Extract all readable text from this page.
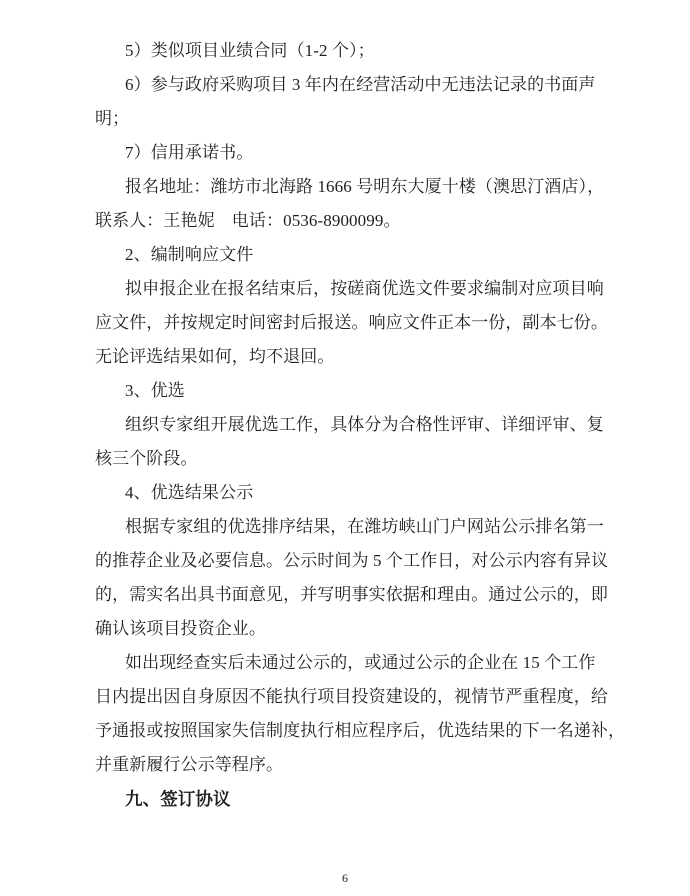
5）类似项目业绩合同（1-2 个）；
6）参与政府采购项目 3 年内在经营活动中无违法记录的书面声
明；
7）信用承诺书。
报名地址：潍坊市北海路 1666 号明东大厦十楼（澳思汀酒店），
联系人：王艳妮　电话：0536-8900099。
2、编制响应文件
拟申报企业在报名结束后，按磋商优选文件要求编制对应项目响
应文件，并按规定时间密封后报送。响应文件正本一份，副本七份。
无论评选结果如何，均不退回。
3、优选
组织专家组开展优选工作，具体分为合格性评审、详细评审、复
核三个阶段。
4、优选结果公示
根据专家组的优选排序结果，在潍坊峡山门户网站公示排名第一
的推荐企业及必要信息。公示时间为 5 个工作日，对公示内容有异议
的，需实名出具书面意见，并写明事实依据和理由。通过公示的，即
确认该项目投资企业。
如出现经查实后未通过公示的，或通过公示的企业在 15 个工作
日内提出因自身原因不能执行项目投资建设的，视情节严重程度，给
予通报或按照国家失信制度执行相应程序后，优选结果的下一名递补，
并重新履行公示等程序。
九、签订协议
6
